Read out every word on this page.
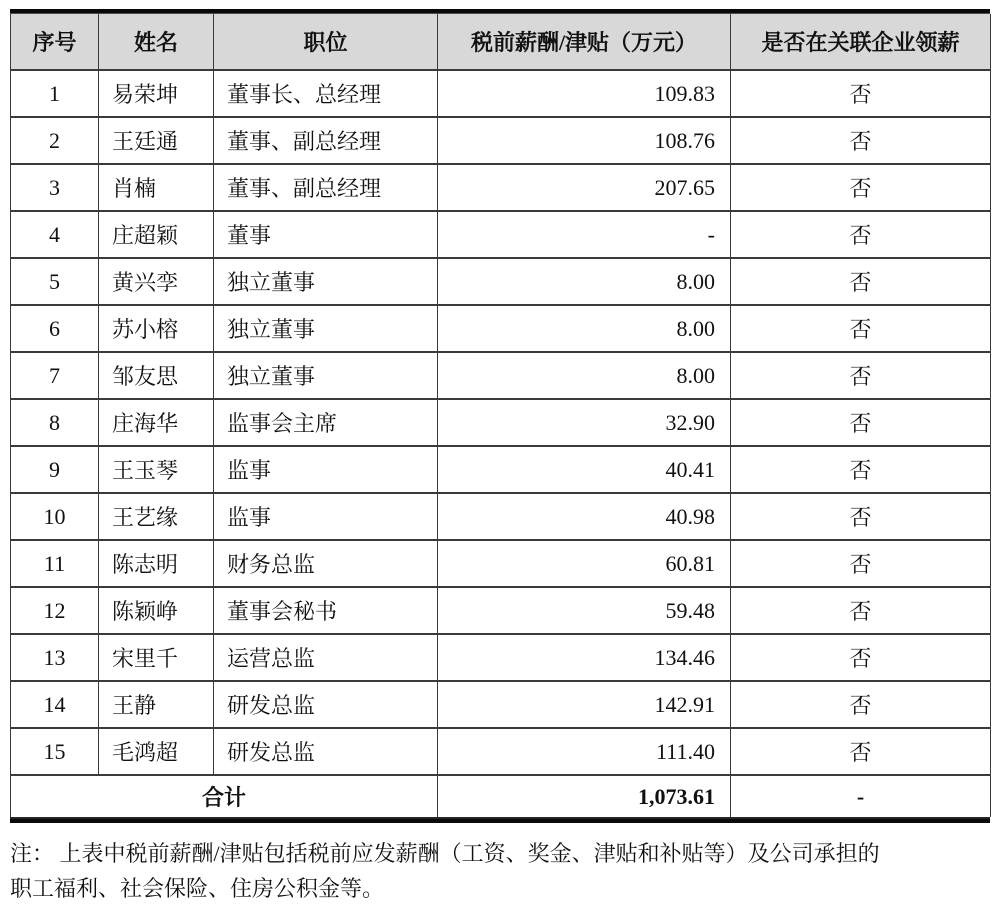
序号	姓名	职位	税前薪酬/津贴（万元）	是否在关联企业领薪
1	易荣坤	董事长、总经理	109.83	否
2	王廷通	董事、副总经理	108.76	否
3	肖楠	董事、副总经理	207.65	否
4	庄超颖	董事	-	否
5	黄兴孪	独立董事	8.00	否
6	苏小榕	独立董事	8.00	否
7	邹友思	独立董事	8.00	否
8	庄海华	监事会主席	32.90	否
9	王玉琴	监事	40.41	否
10	王艺缘	监事	40.98	否
11	陈志明	财务总监	60.81	否
12	陈颖峥	董事会秘书	59.48	否
13	宋里千	运营总监	134.46	否
14	王静	研发总监	142.91	否
15	毛鸿超	研发总监	111.40	否
合计			1,073.61	-

注： 上表中税前薪酬/津贴包括税前应发薪酬（工资、奖金、津贴和补贴等）及公司承担的
职工福利、社会保险、住房公积金等。
